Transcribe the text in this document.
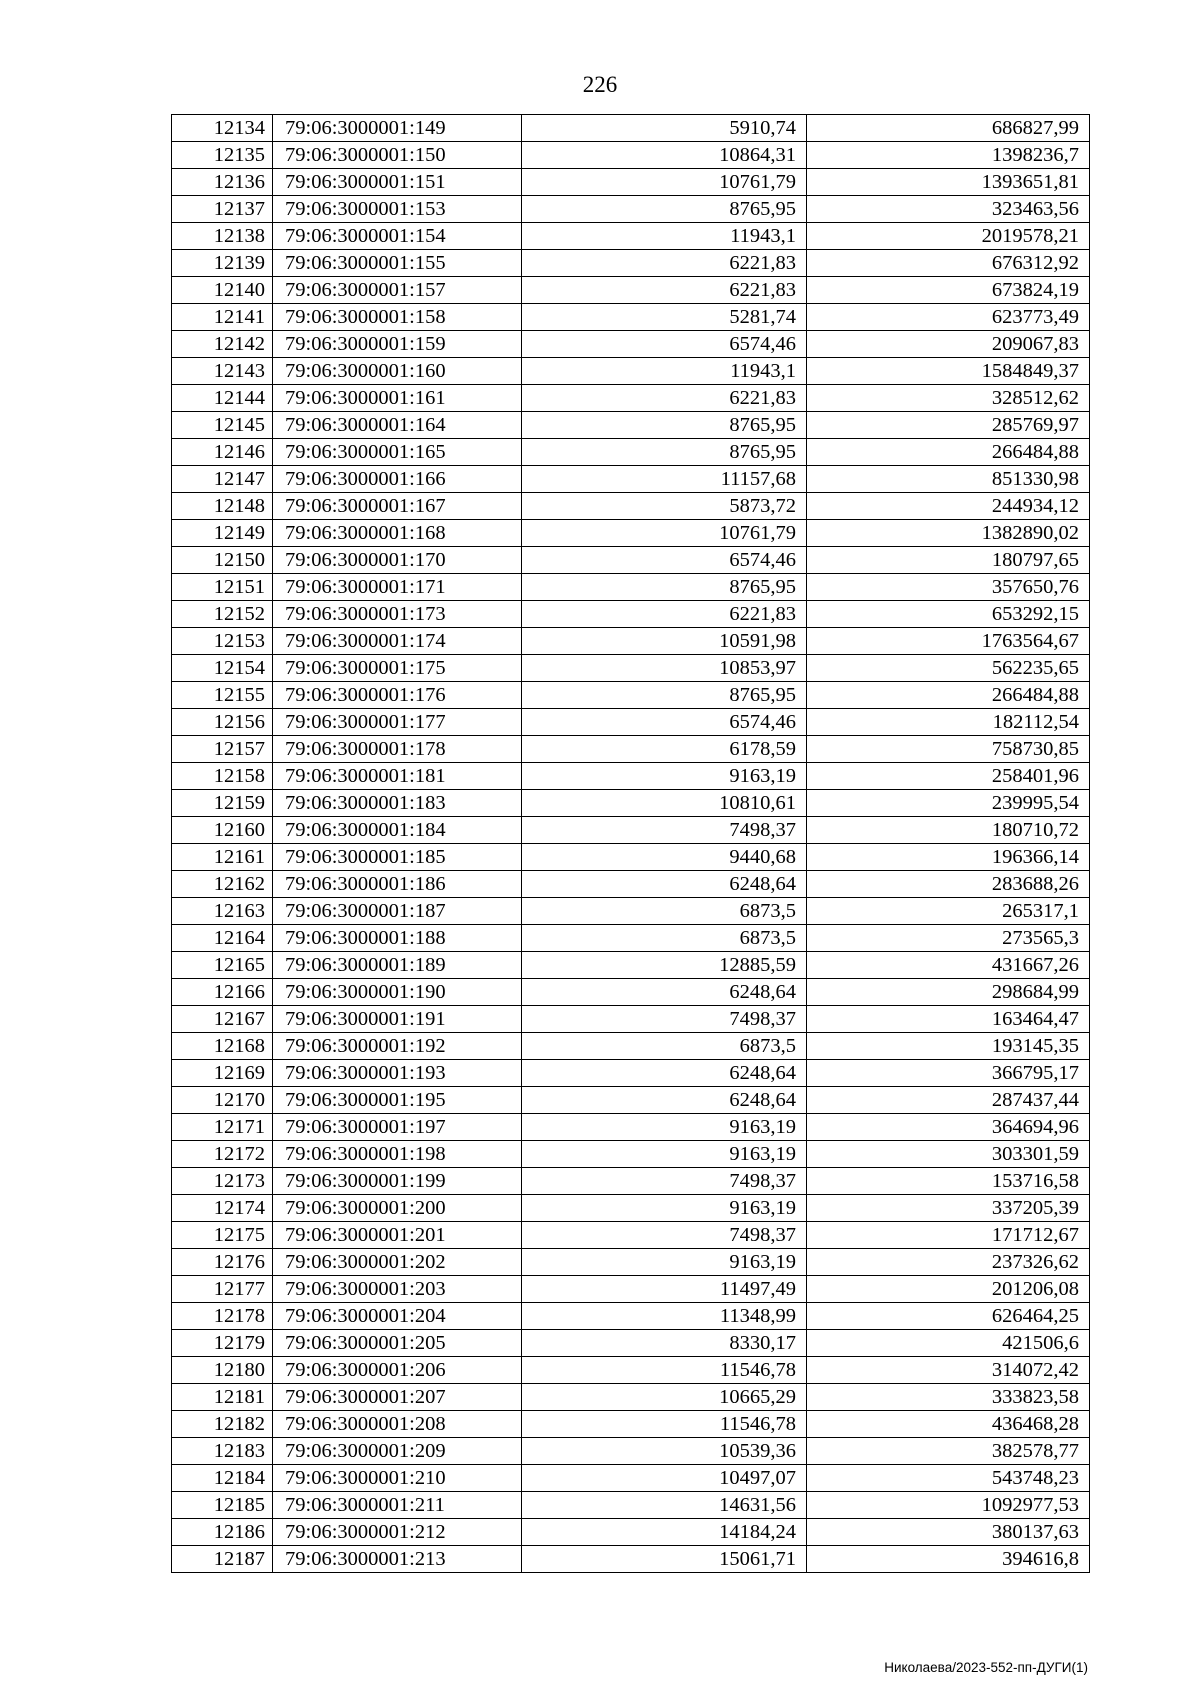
226
12134	79:06:3000001:149	5910,74	686827,99
12135	79:06:3000001:150	10864,31	1398236,7
12136	79:06:3000001:151	10761,79	1393651,81
12137	79:06:3000001:153	8765,95	323463,56
12138	79:06:3000001:154	11943,1	2019578,21
12139	79:06:3000001:155	6221,83	676312,92
12140	79:06:3000001:157	6221,83	673824,19
12141	79:06:3000001:158	5281,74	623773,49
12142	79:06:3000001:159	6574,46	209067,83
12143	79:06:3000001:160	11943,1	1584849,37
12144	79:06:3000001:161	6221,83	328512,62
12145	79:06:3000001:164	8765,95	285769,97
12146	79:06:3000001:165	8765,95	266484,88
12147	79:06:3000001:166	11157,68	851330,98
12148	79:06:3000001:167	5873,72	244934,12
12149	79:06:3000001:168	10761,79	1382890,02
12150	79:06:3000001:170	6574,46	180797,65
12151	79:06:3000001:171	8765,95	357650,76
12152	79:06:3000001:173	6221,83	653292,15
12153	79:06:3000001:174	10591,98	1763564,67
12154	79:06:3000001:175	10853,97	562235,65
12155	79:06:3000001:176	8765,95	266484,88
12156	79:06:3000001:177	6574,46	182112,54
12157	79:06:3000001:178	6178,59	758730,85
12158	79:06:3000001:181	9163,19	258401,96
12159	79:06:3000001:183	10810,61	239995,54
12160	79:06:3000001:184	7498,37	180710,72
12161	79:06:3000001:185	9440,68	196366,14
12162	79:06:3000001:186	6248,64	283688,26
12163	79:06:3000001:187	6873,5	265317,1
12164	79:06:3000001:188	6873,5	273565,3
12165	79:06:3000001:189	12885,59	431667,26
12166	79:06:3000001:190	6248,64	298684,99
12167	79:06:3000001:191	7498,37	163464,47
12168	79:06:3000001:192	6873,5	193145,35
12169	79:06:3000001:193	6248,64	366795,17
12170	79:06:3000001:195	6248,64	287437,44
12171	79:06:3000001:197	9163,19	364694,96
12172	79:06:3000001:198	9163,19	303301,59
12173	79:06:3000001:199	7498,37	153716,58
12174	79:06:3000001:200	9163,19	337205,39
12175	79:06:3000001:201	7498,37	171712,67
12176	79:06:3000001:202	9163,19	237326,62
12177	79:06:3000001:203	11497,49	201206,08
12178	79:06:3000001:204	11348,99	626464,25
12179	79:06:3000001:205	8330,17	421506,6
12180	79:06:3000001:206	11546,78	314072,42
12181	79:06:3000001:207	10665,29	333823,58
12182	79:06:3000001:208	11546,78	436468,28
12183	79:06:3000001:209	10539,36	382578,77
12184	79:06:3000001:210	10497,07	543748,23
12185	79:06:3000001:211	14631,56	1092977,53
12186	79:06:3000001:212	14184,24	380137,63
12187	79:06:3000001:213	15061,71	394616,8
Николаева/2023-552-пп-ДУГИ(1)
